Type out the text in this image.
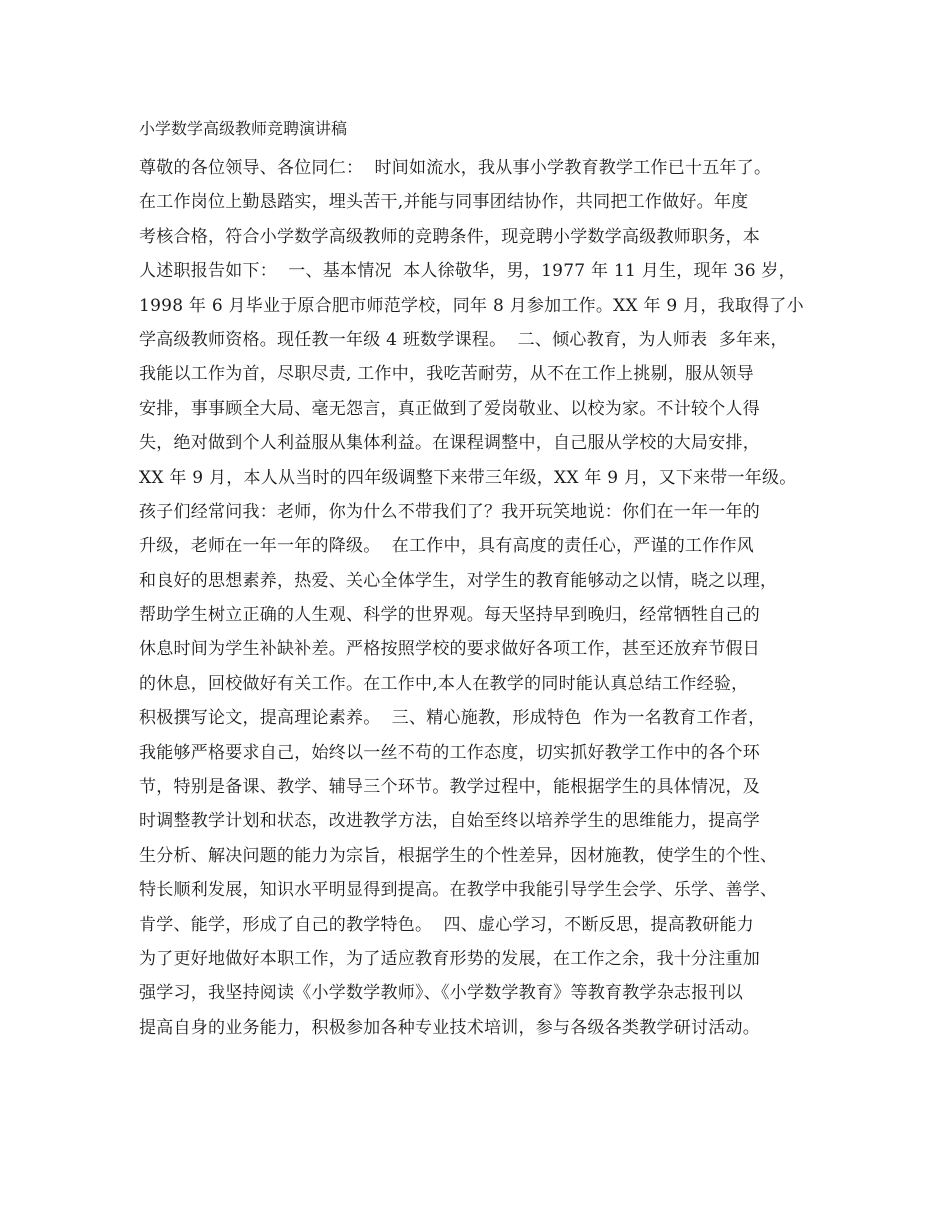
小学数学高级教师竞聘演讲稿
尊敬的各位领导、各位同仁：  时间如流水，我从事小学教育教学工作已十五年了。
在工作岗位上勤恳踏实，埋头苦干,并能与同事团结协作，共同把工作做好。年度
考核合格，符合小学数学高级教师的竞聘条件，现竞聘小学数学高级教师职务，本
人述职报告如下：  一、基本情况  本人徐敬华，男，1977 年 11 月生，现年 36 岁，
1998 年 6 月毕业于原合肥市师范学校，同年 8 月参加工作。XX 年 9 月，我取得了小
学高级教师资格。现任教一年级 4 班数学课程。  二、倾心教育，为人师表  多年来，
我能以工作为首，尽职尽责, 工作中，我吃苦耐劳，从不在工作上挑剔，服从领导
安排，事事顾全大局、毫无怨言，真正做到了爱岗敬业、以校为家。不计较个人得
失，绝对做到个人利益服从集体利益。在课程调整中，自己服从学校的大局安排，
XX 年 9 月，本人从当时的四年级调整下来带三年级，XX 年 9 月，又下来带一年级。
孩子们经常问我：老师，你为什么不带我们了？我开玩笑地说：你们在一年一年的
升级，老师在一年一年的降级。  在工作中，具有高度的责任心，严谨的工作作风
和良好的思想素养，热爱、关心全体学生，对学生的教育能够动之以情，晓之以理，
帮助学生树立正确的人生观、科学的世界观。每天坚持早到晚归，经常牺牲自己的
休息时间为学生补缺补差。严格按照学校的要求做好各项工作，甚至还放弃节假日
的休息，回校做好有关工作。在工作中,本人在教学的同时能认真总结工作经验，
积极撰写论文，提高理论素养。  三、精心施教，形成特色  作为一名教育工作者，
我能够严格要求自己，始终以一丝不苟的工作态度，切实抓好教学工作中的各个环
节，特别是备课、教学、辅导三个环节。教学过程中，能根据学生的具体情况，及
时调整教学计划和状态，改进教学方法，自始至终以培养学生的思维能力，提高学
生分析、解决问题的能力为宗旨，根据学生的个性差异，因材施教，使学生的个性、
特长顺利发展，知识水平明显得到提高。在教学中我能引导学生会学、乐学、善学、
肯学、能学，形成了自己的教学特色。  四、虚心学习，不断反思，提高教研能力
为了更好地做好本职工作，为了适应教育形势的发展，在工作之余，我十分注重加
强学习，我坚持阅读《小学数学教师》、《小学数学教育》等教育教学杂志报刊以
提高自身的业务能力，积极参加各种专业技术培训，参与各级各类教学研讨活动。
